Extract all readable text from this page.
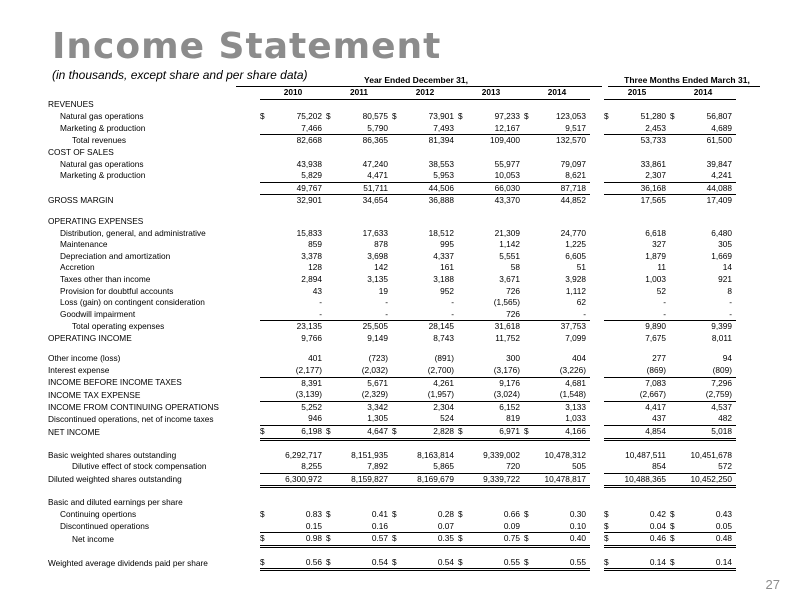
Income Statement
(in thousands, except share and per share data)	Year Ended December 31,	Three Months Ended March 31,
	2010		2011		2012		2013		2014			2015		2014	
REVENUES															
Natural gas operations	$	75,202	$	80,575	$	73,901	$	97,233	$	123,053		$	51,280	$	56,807
Marketing & production		7,466		5,790		7,493		12,167		9,517			2,453		4,689
Total revenues		82,668		86,365		81,394		109,400		132,570			53,733		61,500
COST OF SALES															
Natural gas operations		43,938		47,240		38,553		55,977		79,097			33,861		39,847
Marketing & production		5,829		4,471		5,953		10,053		8,621			2,307		4,241
		49,767		51,711		44,506		66,030		87,718			36,168		44,088
GROSS MARGIN		32,901		34,654		36,888		43,370		44,852			17,565		17,409

OPERATING EXPENSES															
Distribution, general, and administrative		15,833		17,633		18,512		21,309		24,770			6,618		6,480
Maintenance		859		878		995		1,142		1,225			327		305
Depreciation and amortization		3,378		3,698		4,337		5,551		6,605			1,879		1,669
Accretion		128		142		161		58		51			11		14
Taxes other than income		2,894		3,135		3,188		3,671		3,928			1,003		921
Provision for doubtful accounts		43		19		952		726		1,112			52		8
Loss (gain) on contingent consideration		-		-		-		(1,565)		62			-		-
Goodwill impairment		-		-		-		726		-			-		-
Total operating expenses		23,135		25,505		28,145		31,618		37,753			9,890		9,399
OPERATING INCOME		9,766		9,149		8,743		11,752		7,099			7,675		8,011

Other income (loss)		401		(723)		(891)		300		404			277		94
Interest expense		(2,177)		(2,032)		(2,700)		(3,176)		(3,226)			(869)		(809)
INCOME BEFORE INCOME TAXES		8,391		5,671		4,261		9,176		4,681			7,083		7,296
INCOME TAX EXPENSE		(3,139)		(2,329)		(1,957)		(3,024)		(1,548)			(2,667)		(2,759)
INCOME FROM CONTINUING OPERATIONS		5,252		3,342		2,304		6,152		3,133			4,417		4,537
Discontinued operations, net of income taxes		946		1,305		524		819		1,033			437		482
NET INCOME	$	6,198	$	4,647	$	2,828	$	6,971	$	4,166			4,854		5,018

Basic weighted shares outstanding		6,292,717		8,151,935		8,163,814		9,339,002		10,478,312			10,487,511		10,451,678
Dilutive effect of stock compensation		8,255		7,892		5,865		720		505			854		572
Diluted weighted shares outstanding		6,300,972		8,159,827		8,169,679		9,339,722		10,478,817			10,488,365		10,452,250

Basic and diluted earnings per share															
Continuing opertions	$	0.83	$	0.41	$	0.28	$	0.66	$	0.30		$	0.42	$	0.43
Discontinued operations		0.15		0.16		0.07		0.09		0.10		$	0.04	$	0.05
Net income	$	0.98	$	0.57	$	0.35	$	0.75	$	0.40		$	0.46	$	0.48

Weighted average dividends paid per share	$	0.56	$	0.54	$	0.54	$	0.55	$	0.55		$	0.14	$	0.14
27
